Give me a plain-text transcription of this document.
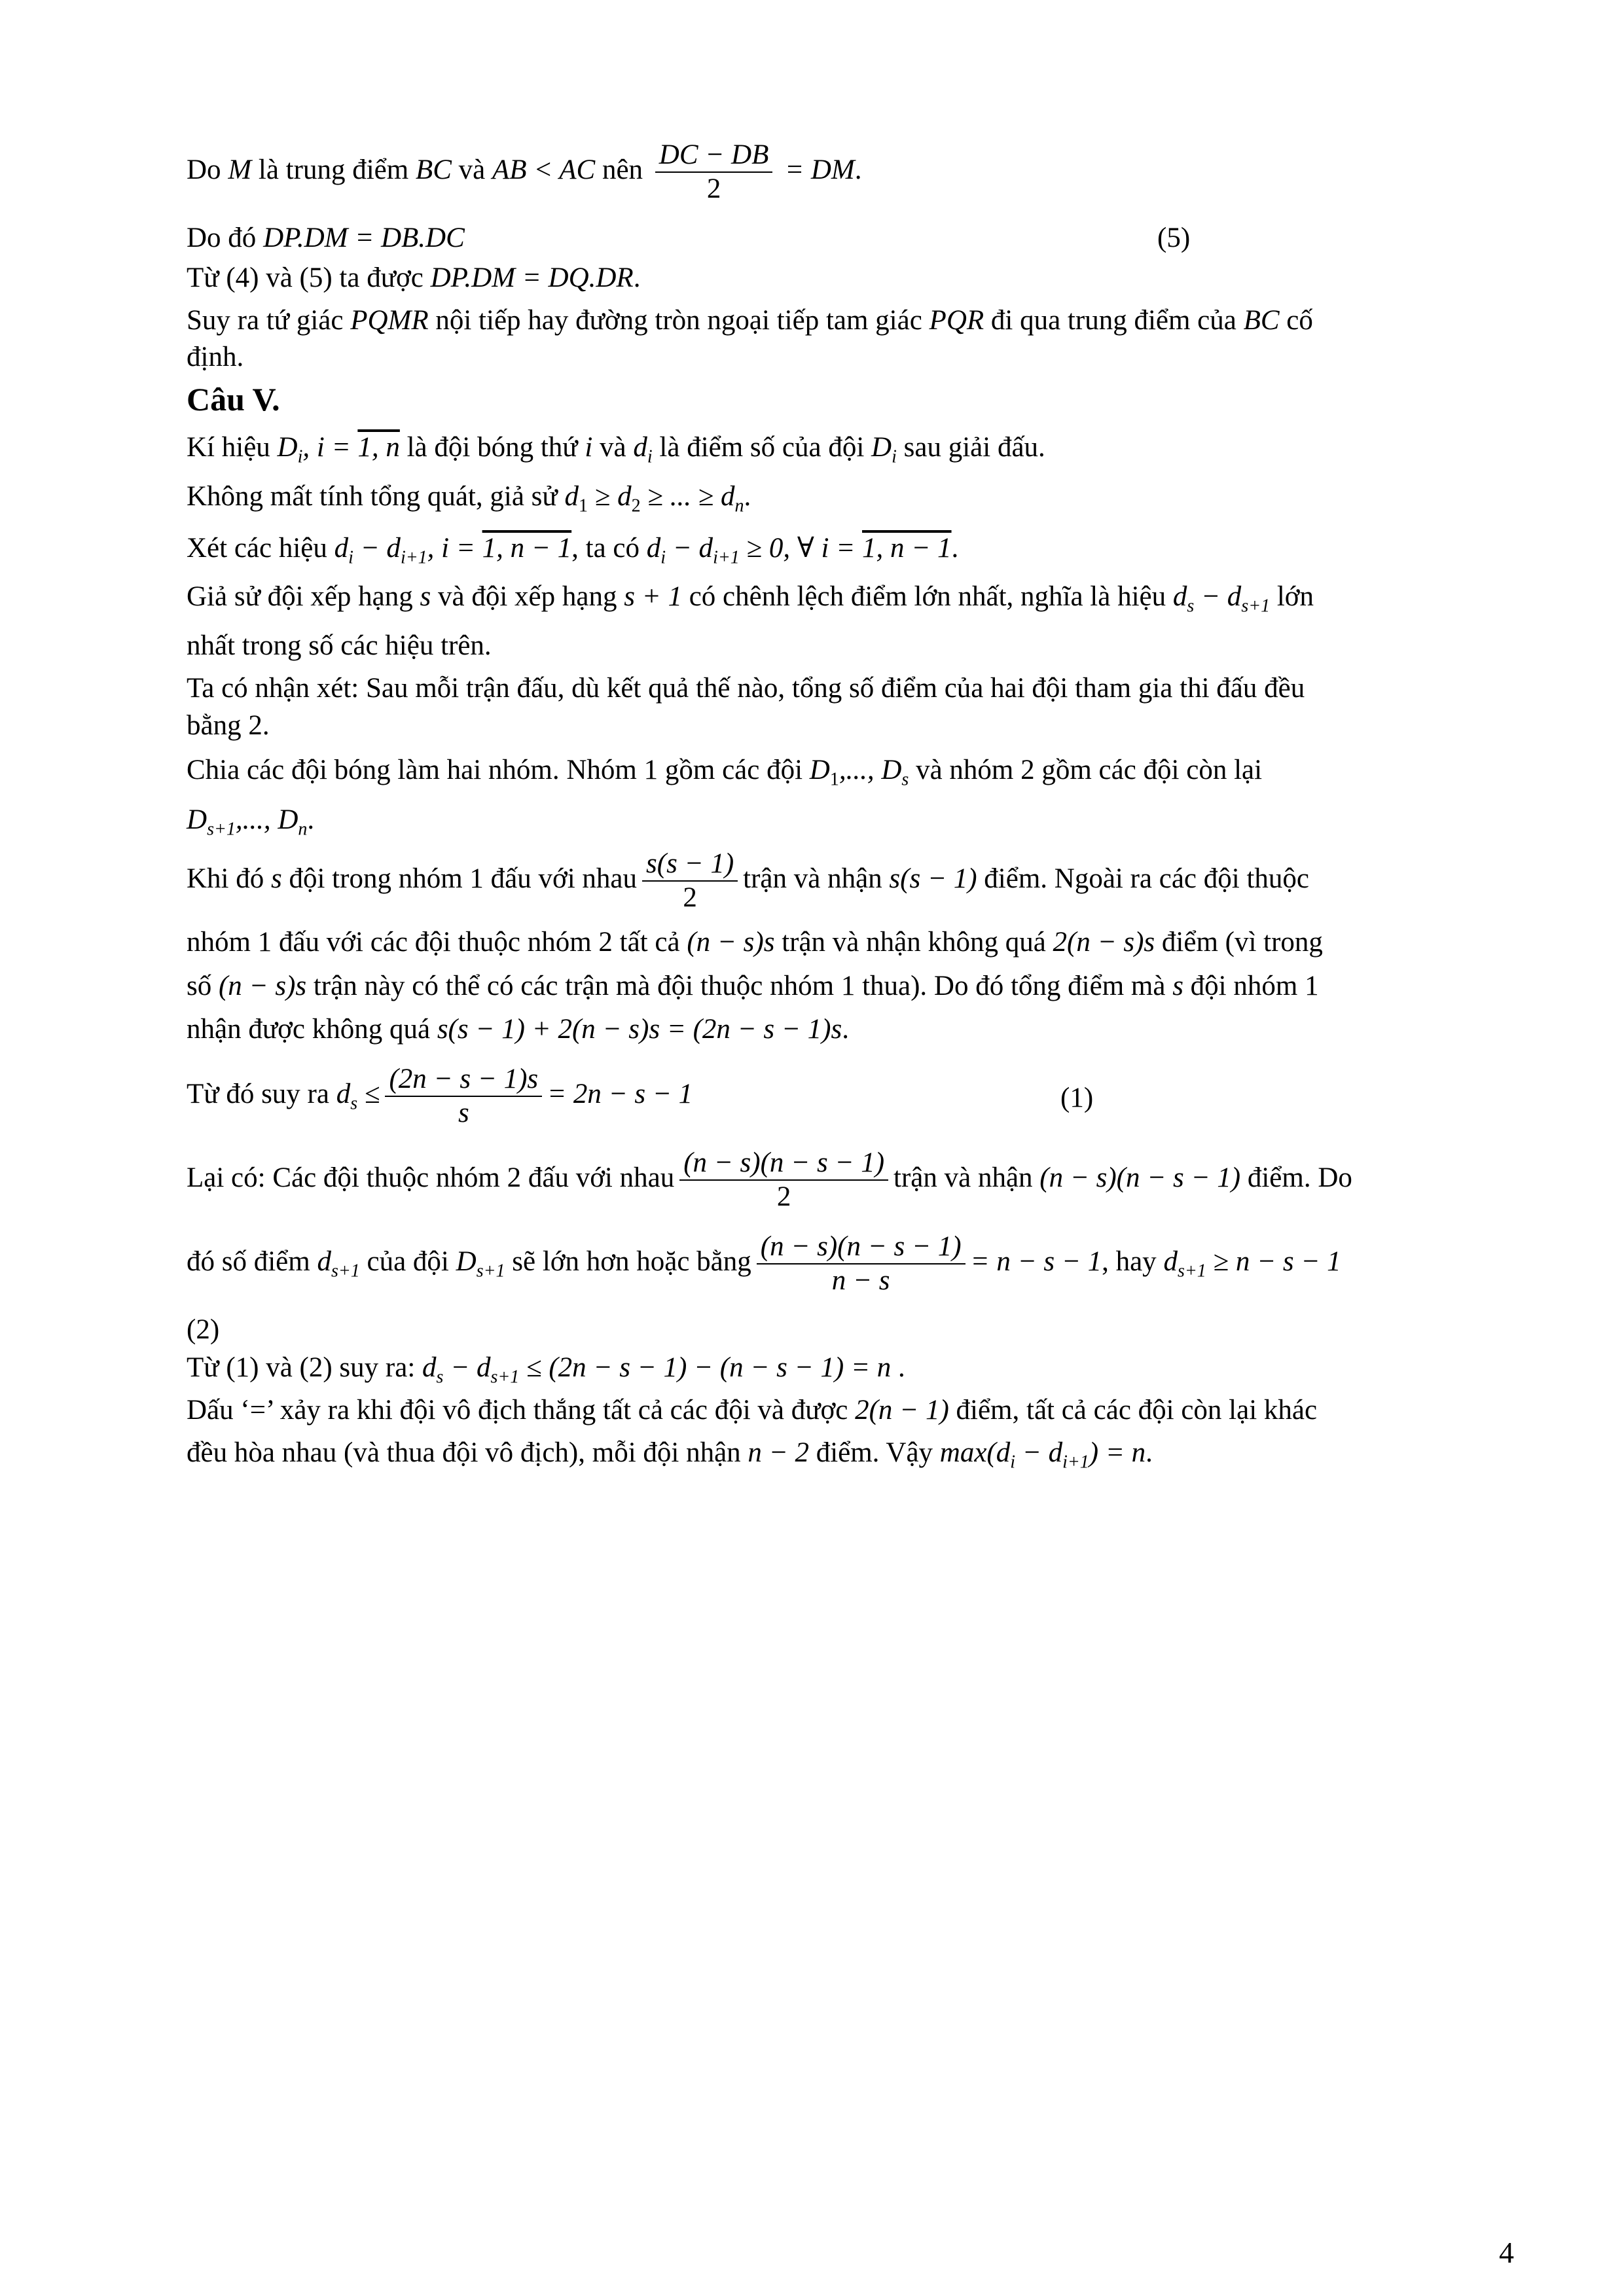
Do M là trung điểm BC và AB < AC nên $\frac{DC - DB}{2}$ = DM.
Do đó DP.DM = DB.DC	(5)
Từ (4) và (5) ta được DP.DM = DQ.DR.
Suy ra tứ giác PQMR nội tiếp hay đường tròn ngoại tiếp tam giác PQR đi qua trung điểm của BC cố
định.
Câu V.
Kí hiệu $D_i$, i = 1, n là đội bóng thứ i và $d_i$ là điểm số của đội $D_i$ sau giải đấu.
Không mất tính tổng quát, giả sử $d_1 \ge d_2$ ≥ ... ≥ $d_n$.
Xét các hiệu $d_i - d_{i+1}$, i = 1, n − 1, ta có $d_i - d_{i+1} \ge 0$, ∀ i = 1, n − 1.
Giả sử đội xếp hạng s và đội xếp hạng s + 1 có chênh lệch điểm lớn nhất, nghĩa là hiệu $d_s - d_{s+1}$ lớn
nhất trong số các hiệu trên.
Ta có nhận xét: Sau mỗi trận đấu, dù kết quả thế nào, tổng số điểm của hai đội tham gia thi đấu đều
bằng 2.
Chia các đội bóng làm hai nhóm. Nhóm 1 gồm các đội $D_1$,..., $D_s$ và nhóm 2 gồm các đội còn lại
$D_{s+1}$,..., $D_n$.
Khi đó s đội trong nhóm 1 đấu với nhau $\frac{s(s - 1)}{2}$ trận và nhận s(s − 1) điểm. Ngoài ra các đội thuộc
nhóm 1 đấu với các đội thuộc nhóm 2 tất cả (n − s)s trận và nhận không quá 2(n − s)s điểm (vì trong
số (n − s)s trận này có thể có các trận mà đội thuộc nhóm 1 thua). Do đó tổng điểm mà s đội nhóm 1
nhận được không quá s(s − 1) + 2(n − s)s = (2n − s − 1)s.
Từ đó suy ra $d_s \le \frac{(2n - s - 1)s}{s} = 2n - s - 1$	(1)
Lại có: Các đội thuộc nhóm 2 đấu với nhau $\frac{(n - s)(n - s - 1)}{2}$ trận và nhận (n − s)(n − s − 1) điểm. Do
đó số điểm $d_{s+1}$ của đội $D_{s+1}$ sẽ lớn hơn hoặc bằng $\frac{(n - s)(n - s - 1)}{n - s} = n - s - 1$, hay $d_{s+1} \ge n - s - 1$
(2)
Từ (1) và (2) suy ra: $d_s - d_{s+1} \le (2n - s - 1) - (n - s - 1) = n$ .
Dấu ‘=’ xảy ra khi đội vô địch thắng tất cả các đội và được 2(n − 1) điểm, tất cả các đội còn lại khác
đều hòa nhau (và thua đội vô địch), mỗi đội nhận n − 2 điểm. Vậy $\max(d_i - d_{i+1}) = n$.
4
